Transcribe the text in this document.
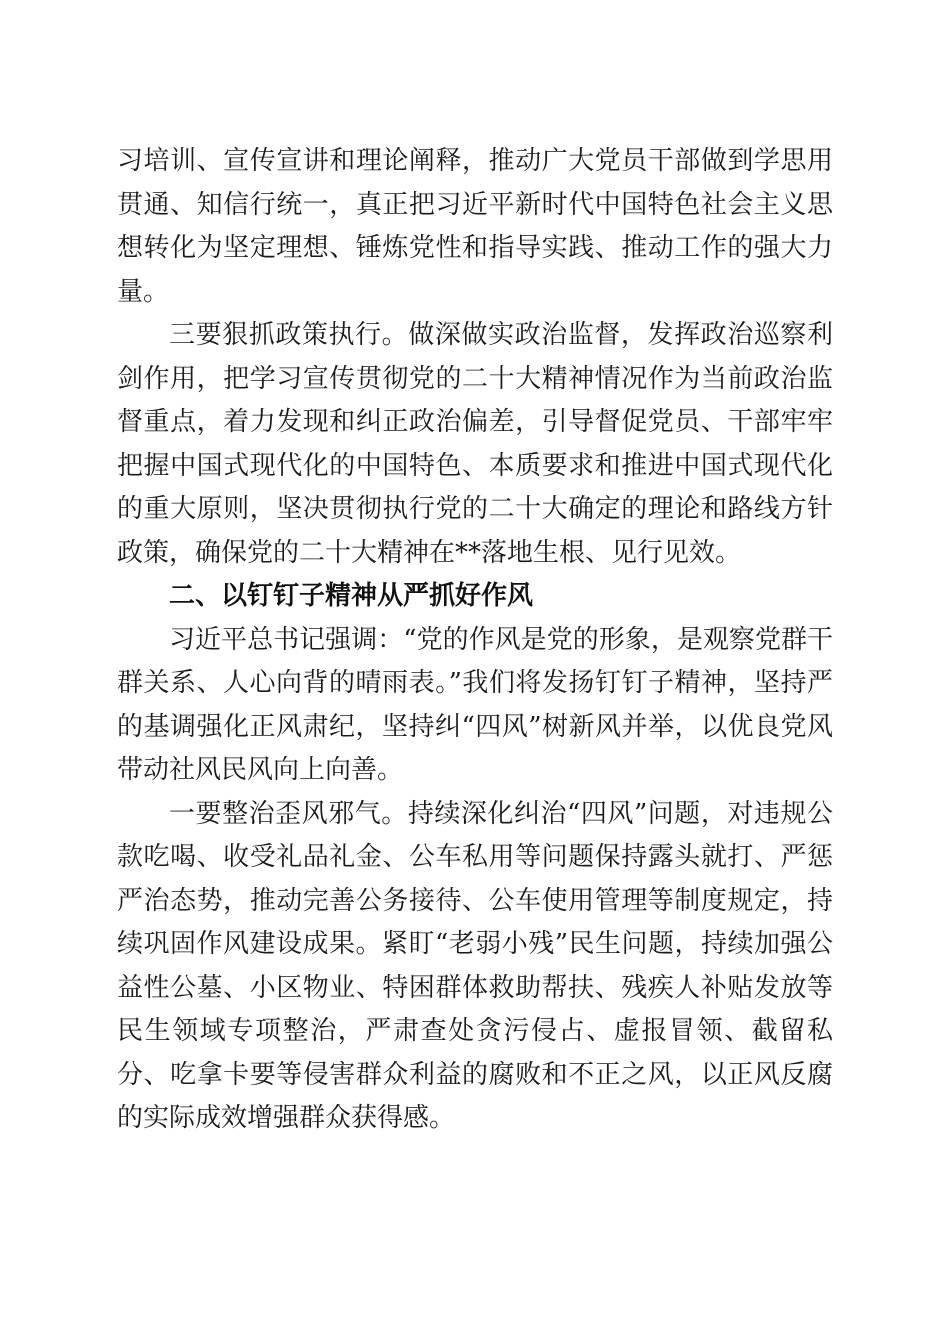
习培训、宣传宣讲和理论阐释，推动广大党员干部做到学思用贯通、知信行统一，真正把习近平新时代中国特色社会主义思想转化为坚定理想、锤炼党性和指导实践、推动工作的强大力量。

三要狠抓政策执行。做深做实政治监督，发挥政治巡察利剑作用，把学习宣传贯彻党的二十大精神情况作为当前政治监督重点，着力发现和纠正政治偏差，引导督促党员、干部牢牢把握中国式现代化的中国特色、本质要求和推进中国式现代化的重大原则，坚决贯彻执行党的二十大确定的理论和路线方针政策，确保党的二十大精神在**落地生根、见行见效。

二、以钉钉子精神从严抓好作风

习近平总书记强调：“党的作风是党的形象，是观察党群干群关系、人心向背的晴雨表。”我们将发扬钉钉子精神，坚持严的基调强化正风肃纪，坚持纠“四风”树新风并举，以优良党风带动社风民风向上向善。

一要整治歪风邪气。持续深化纠治“四风”问题，对违规公款吃喝、收受礼品礼金、公车私用等问题保持露头就打、严惩严治态势，推动完善公务接待、公车使用管理等制度规定，持续巩固作风建设成果。紧盯“老弱小残”民生问题，持续加强公益性公墓、小区物业、特困群体救助帮扶、残疾人补贴发放等民生领域专项整治，严肃查处贪污侵占、虚报冒领、截留私分、吃拿卡要等侵害群众利益的腐败和不正之风，以正风反腐的实际成效增强群众获得感。
